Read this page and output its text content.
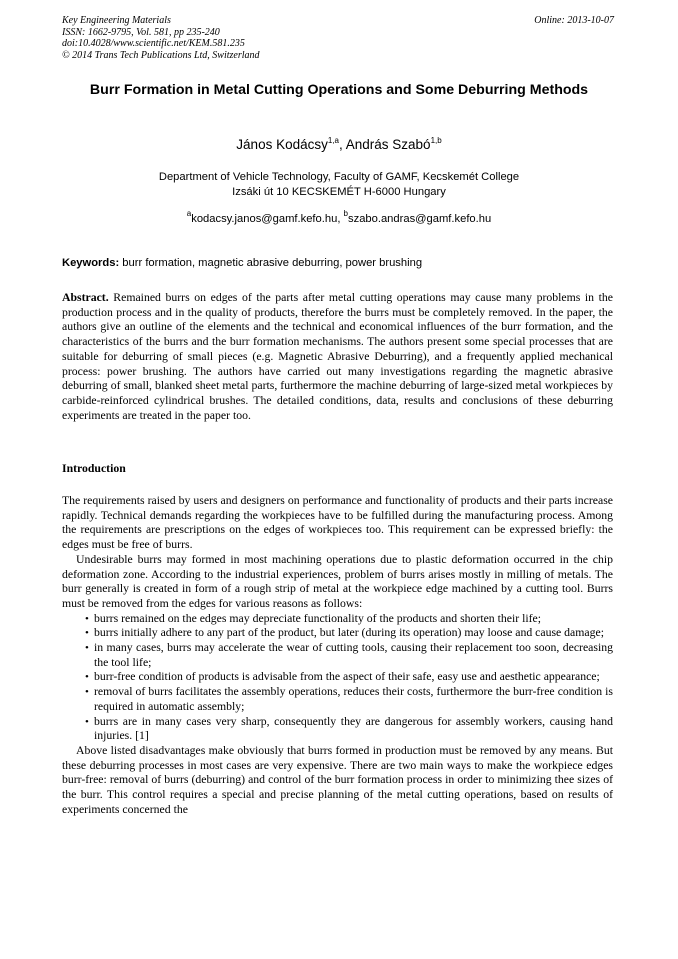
Key Engineering Materials
ISSN: 1662-9795, Vol. 581, pp 235-240
doi:10.4028/www.scientific.net/KEM.581.235
© 2014 Trans Tech Publications Ltd, Switzerland
Online: 2013-10-07
Burr Formation in Metal Cutting Operations and Some Deburring Methods
János Kodácsy$^{1,a}$, András Szabó$^{1,b}$
Department of Vehicle Technology, Faculty of GAMF, Kecskemét College
Izsáki út 10 KECSKEMÉT H-6000 Hungary
$^a$kodacsy.janos@gamf.kefo.hu, $^b$szabo.andras@gamf.kefo.hu
Keywords: burr formation, magnetic abrasive deburring, power brushing
Abstract. Remained burrs on edges of the parts after metal cutting operations may cause many problems in the production process and in the quality of products, therefore the burrs must be completely removed. In the paper, the authors give an outline of the elements and the technical and economical influences of the burr formation, and the characteristics of the burrs and the burr formation mechanisms. The authors present some special processes that are suitable for deburring of small pieces (e.g. Magnetic Abrasive Deburring), and a frequently applied mechanical process: power brushing. The authors have carried out many investigations regarding the magnetic abrasive deburring of small, blanked sheet metal parts, furthermore the machine deburring of large-sized metal workpieces by carbide-reinforced cylindrical brushes. The detailed conditions, data, results and conclusions of these deburring experiments are treated in the paper too.
Introduction

The requirements raised by users and designers on performance and functionality of products and their parts increase rapidly. Technical demands regarding the workpieces have to be fulfilled during the manufacturing process. Among the requirements are prescriptions on the edges of workpieces too. This requirement can be expressed briefly: the edges must be free of burrs.

Undesirable burrs may formed in most machining operations due to plastic deformation occurred in the chip deformation zone. According to the industrial experiences, problem of burrs arises mostly in milling of metals. The burr generally is created in form of a rough strip of metal at the workpiece edge machined by a cutting tool. Burrs must be removed from the edges for various reasons as follows:

• burrs remained on the edges may depreciate functionality of the products and shorten their life;
• burrs initially adhere to any part of the product, but later (during its operation) may loose and cause damage;
• in many cases, burrs may accelerate the wear of cutting tools, causing their replacement too soon, decreasing the tool life;
• burr-free condition of products is advisable from the aspect of their safe, easy use and aesthetic appearance;
• removal of burrs facilitates the assembly operations, reduces their costs, furthermore the burr-free condition is required in automatic assembly;
• burrs are in many cases very sharp, consequently they are dangerous for assembly workers, causing hand injuries. [1]

Above listed disadvantages make obviously that burrs formed in production must be removed by any means. But these deburring processes in most cases are very expensive. There are two main ways to make the workpiece edges burr-free: removal of burrs (deburring) and control of the burr formation process in order to minimizing thee sizes of the burr. This control requires a special and precise planning of the metal cutting operations, based on results of experiments concerned the
